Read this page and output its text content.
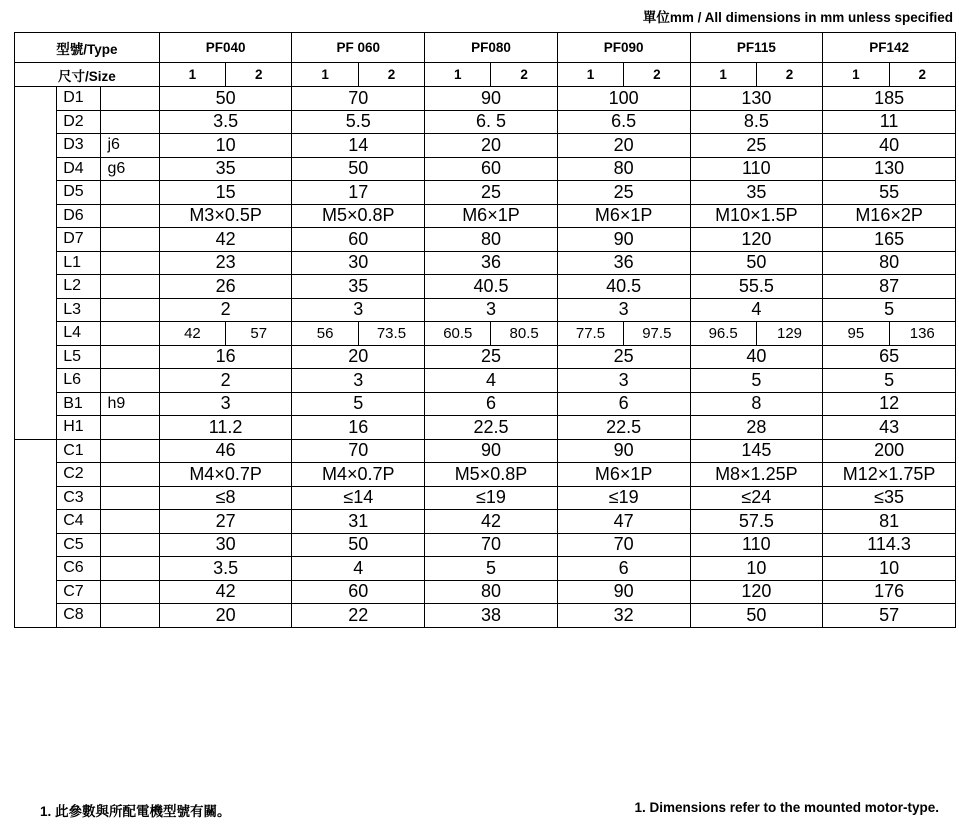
單位mm / All dimensions in mm unless specified
型號/Type			PF040		PF 060		PF080		PF090		PF115		PF142	
尺寸/Size			1	2	1	2	1	2	1	2	1	2	1	2
	D1		50		70		90		100		130		185	
	D2		3.5		5.5		6. 5		6.5		8.5		11	
	D3	j6	10		14		20		20		25		40	
	D4	g6	35		50		60		80		110		130	
	D5		15		17		25		25		35		55	
	D6		M3×0.5P		M5×0.8P		M6×1P		M6×1P		M10×1.5P		M16×2P	
	D7		42		60		80		90		120		165	
	L1		23		30		36		36		50		80	
	L2		26		35		40.5		40.5		55.5		87	
	L3		2		3		3		3		4		5	
	L4		42	57	56	73.5	60.5	80.5	77.5	97.5	96.5	129	95	136
	L5		16		20		25		25		40		65	
	L6		2		3		4		3		5		5	
	B1	h9	3		5		6		6		8		12	
	H1		11.2		16		22.5		22.5		28		43	
	C1		46		70		90		90		145		200	
	C2		M4×0.7P		M4×0.7P		M5×0.8P		M6×1P		M8×1.25P		M12×1.75P	
	C3		≤8		≤14		≤19		≤19		≤24		≤35	
	C4		27		31		42		47		57.5		81	
	C5		30		50		70		70		110		114.3	
	C6		3.5		4		5		6		10		10	
	C7		42		60		80		90		120		176	
	C8		20		22		38		32		50		57	
1. 此參數與所配電機型號有關。	1. Dimensions refer to the mounted motor-type.
